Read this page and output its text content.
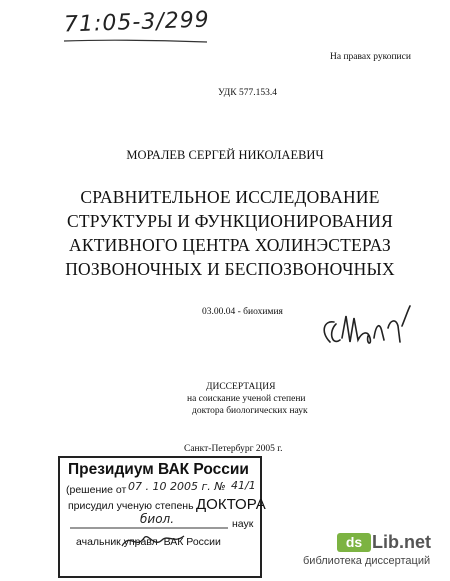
71:05-3/299
На правах рукописи
УДК 577.153.4
МОРАЛЕВ СЕРГЕЙ НИКОЛАЕВИЧ
СРАВНИТЕЛЬНОЕ ИССЛЕДОВАНИЕ
СТРУКТУРЫ И ФУНКЦИОНИРОВАНИЯ
АКТИВНОГО ЦЕНТРА ХОЛИНЭСТЕРАЗ
ПОЗВОНОЧНЫХ И БЕСПОЗВОНОЧНЫХ
03.00.04 - биохимия
ДИССЕРТАЦИЯ
на соискание ученой степени
доктора биологических наук
Санкт-Петербург 2005 г.
Президиум ВАК России
(решение от 07 . 10 2005 г. № 41/1
присудил ученую степень ДОКТОРА
биол.	наук
ачальник управл  ВАК России	ds Lib.net
библиотека диссертаций
